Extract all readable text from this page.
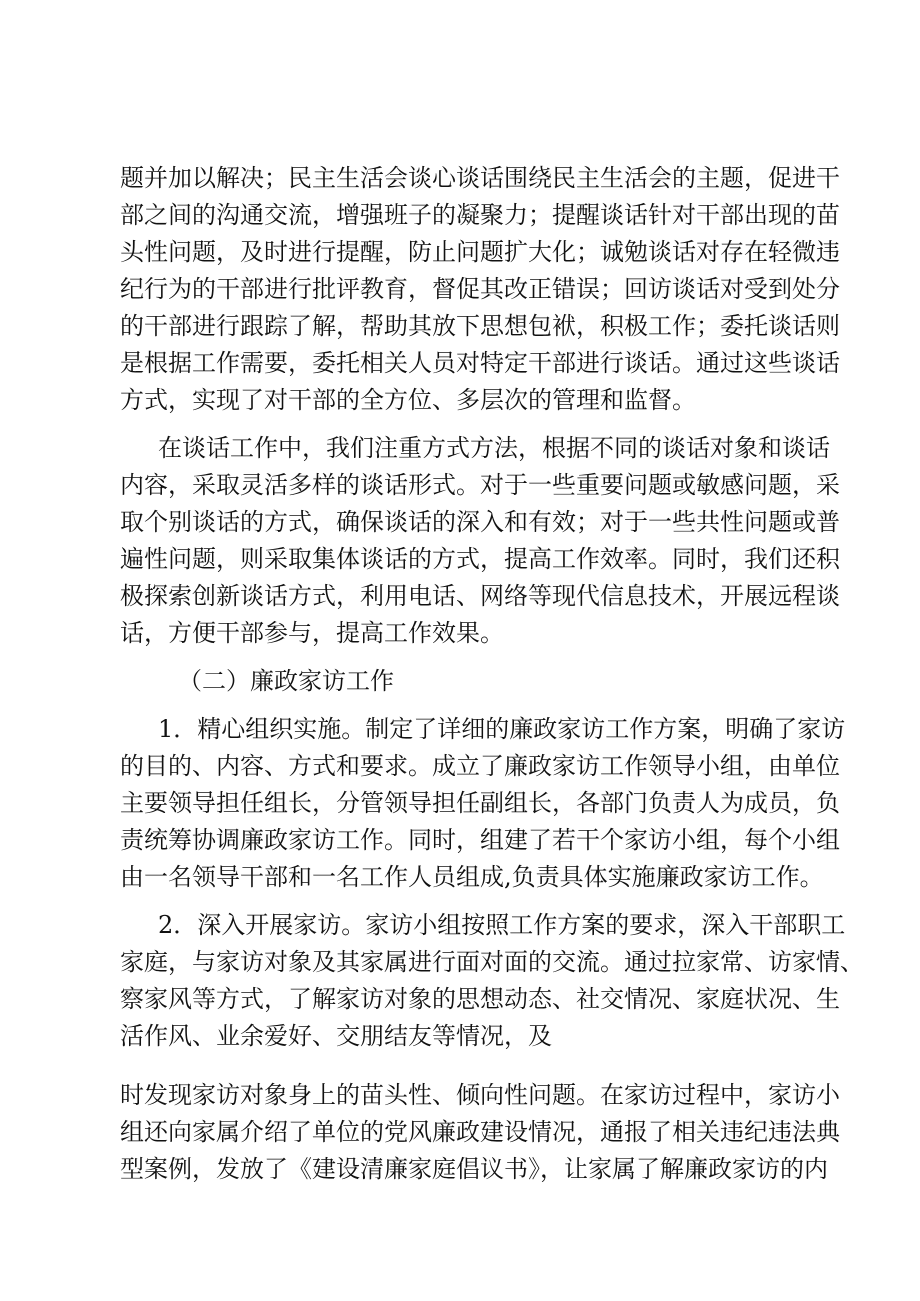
题并加以解决；民主生活会谈心谈话围绕民主生活会的主题，促进干
部之间的沟通交流，增强班子的凝聚力；提醒谈话针对干部出现的苗
头性问题，及时进行提醒，防止问题扩大化；诚勉谈话对存在轻微违
纪行为的干部进行批评教育，督促其改正错误；回访谈话对受到处分
的干部进行跟踪了解，帮助其放下思想包袱，积极工作；委托谈话则
是根据工作需要，委托相关人员对特定干部进行谈话。通过这些谈话
方式，实现了对干部的全方位、多层次的管理和监督。
在谈话工作中，我们注重方式方法，根据不同的谈话对象和谈话
内容，采取灵活多样的谈话形式。对于一些重要问题或敏感问题，采
取个别谈话的方式，确保谈话的深入和有效；对于一些共性问题或普
遍性问题，则采取集体谈话的方式，提高工作效率。同时，我们还积
极探索创新谈话方式，利用电话、网络等现代信息技术，开展远程谈
话，方便干部参与，提高工作效果。
（二）廉政家访工作
1．精心组织实施。制定了详细的廉政家访工作方案，明确了家访
的目的、内容、方式和要求。成立了廉政家访工作领导小组，由单位
主要领导担任组长，分管领导担任副组长，各部门负责人为成员，负
责统筹协调廉政家访工作。同时，组建了若干个家访小组，每个小组
由一名领导干部和一名工作人员组成,负责具体实施廉政家访工作。
2．深入开展家访。家访小组按照工作方案的要求，深入干部职工
家庭，与家访对象及其家属进行面对面的交流。通过拉家常、访家情、
察家风等方式，了解家访对象的思想动态、社交情况、家庭状况、生
活作风、业余爱好、交朋结友等情况，及
时发现家访对象身上的苗头性、倾向性问题。在家访过程中，家访小
组还向家属介绍了单位的党风廉政建设情况，通报了相关违纪违法典
型案例，发放了《建设清廉家庭倡议书》，让家属了解廉政家访的内
